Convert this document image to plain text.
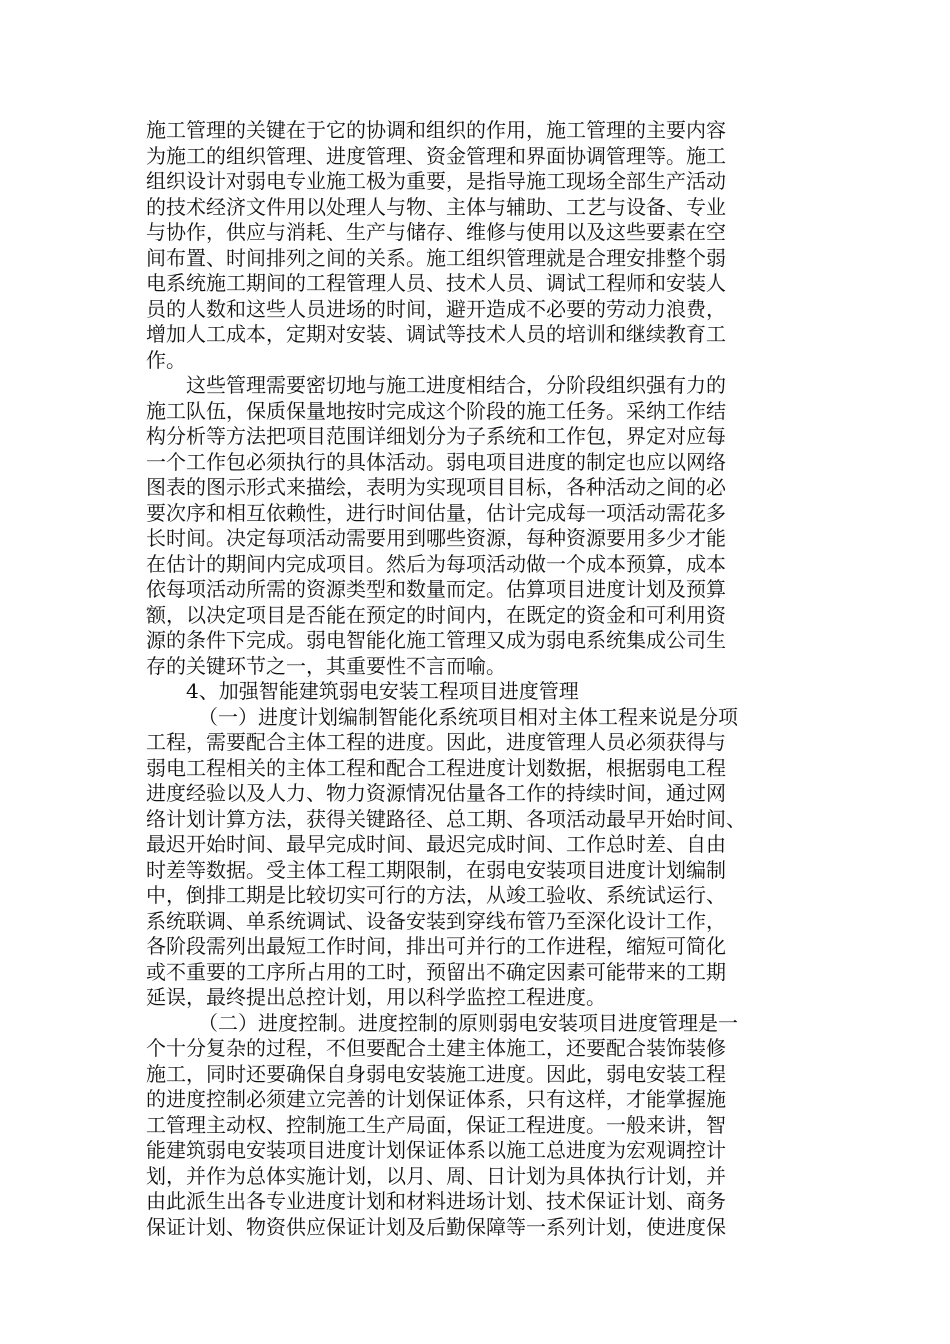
施工管理的关键在于它的协调和组织的作用，施工管理的主要内容
为施工的组织管理、进度管理、资金管理和界面协调管理等。施工
组织设计对弱电专业施工极为重要，是指导施工现场全部生产活动
的技术经济文件用以处理人与物、主体与辅助、工艺与设备、专业
与协作，供应与消耗、生产与储存、维修与使用以及这些要素在空
间布置、时间排列之间的关系。施工组织管理就是合理安排整个弱
电系统施工期间的工程管理人员、技术人员、调试工程师和安装人
员的人数和这些人员进场的时间，避开造成不必要的劳动力浪费，
增加人工成本，定期对安装、调试等技术人员的培训和继续教育工
作。
这些管理需要密切地与施工进度相结合，分阶段组织强有力的
施工队伍，保质保量地按时完成这个阶段的施工任务。采纳工作结
构分析等方法把项目范围详细划分为子系统和工作包，界定对应每
一个工作包必须执行的具体活动。弱电项目进度的制定也应以网络
图表的图示形式来描绘，表明为实现项目目标，各种活动之间的必
要次序和相互依赖性，进行时间估量，估计完成每一项活动需花多
长时间。决定每项活动需要用到哪些资源，每种资源要用多少才能
在估计的期间内完成项目。然后为每项活动做一个成本预算，成本
依每项活动所需的资源类型和数量而定。估算项目进度计划及预算
额，以决定项目是否能在预定的时间内，在既定的资金和可利用资
源的条件下完成。弱电智能化施工管理又成为弱电系统集成公司生
存的关键环节之一，其重要性不言而喻。
4、加强智能建筑弱电安装工程项目进度管理
（一）进度计划编制智能化系统项目相对主体工程来说是分项
工程，需要配合主体工程的进度。因此，进度管理人员必须获得与
弱电工程相关的主体工程和配合工程进度计划数据，根据弱电工程
进度经验以及人力、物力资源情况估量各工作的持续时间，通过网
络计划计算方法，获得关键路径、总工期、各项活动最早开始时间、
最迟开始时间、最早完成时间、最迟完成时间、工作总时差、自由
时差等数据。受主体工程工期限制，在弱电安装项目进度计划编制
中，倒排工期是比较切实可行的方法，从竣工验收、系统试运行、
系统联调、单系统调试、设备安装到穿线布管乃至深化设计工作，
各阶段需列出最短工作时间，排出可并行的工作进程，缩短可简化
或不重要的工序所占用的工时，预留出不确定因素可能带来的工期
延误，最终提出总控计划，用以科学监控工程进度。
（二）进度控制。进度控制的原则弱电安装项目进度管理是一
个十分复杂的过程，不但要配合土建主体施工，还要配合装饰装修
施工，同时还要确保自身弱电安装施工进度。因此，弱电安装工程
的进度控制必须建立完善的计划保证体系，只有这样，才能掌握施
工管理主动权、控制施工生产局面，保证工程进度。一般来讲，智
能建筑弱电安装项目进度计划保证体系以施工总进度为宏观调控计
划，并作为总体实施计划，以月、周、日计划为具体执行计划，并
由此派生出各专业进度计划和材料进场计划、技术保证计划、商务
保证计划、物资供应保证计划及后勤保障等一系列计划，使进度保
